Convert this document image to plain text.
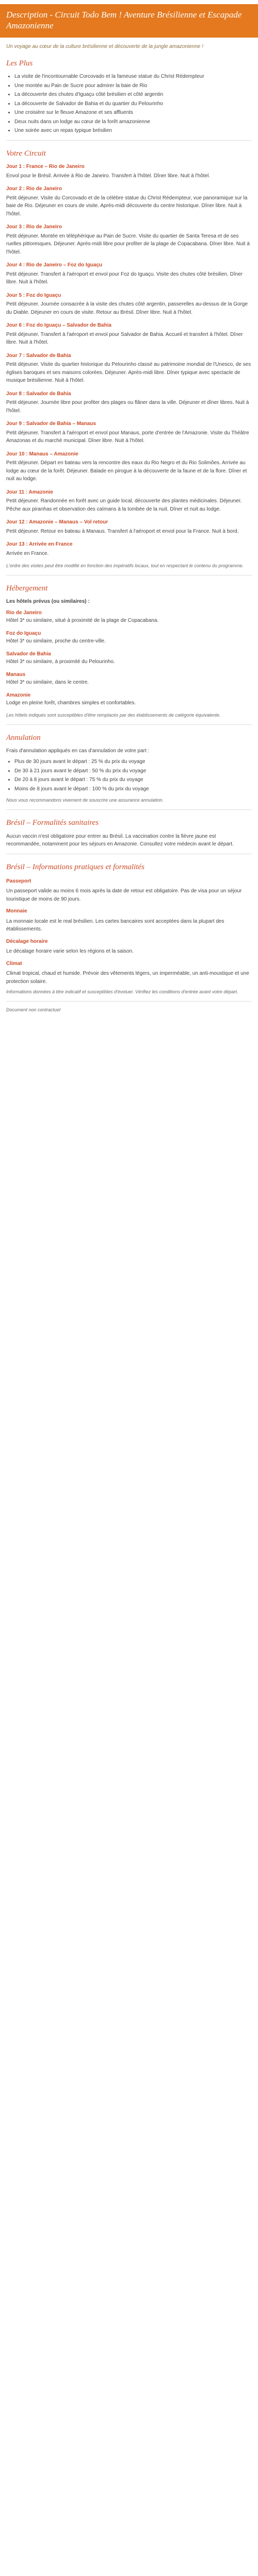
Description - Circuit Todo Bem ! Aventure Brésilienne et Escapade Amazonienne

Un voyage au cœur de la culture brésilienne et découverte de la jungle amazonienne !

Les Plus
• La visite de l'incontournable Corcovado et la fameuse statue du Christ Rédempteur
• Une montée au Pain de Sucre pour admirer la baie de Rio
• La découverte des chutes d'Iguaçu côté brésilien et côté argentin
• La découverte de Salvador de Bahia et du quartier du Pelourinho
• Une croisière sur le fleuve Amazone et ses affluents
• Deux nuits dans un lodge au cœur de la forêt amazonienne
• Une soirée avec un repas typique brésilien
Votre Circuit
Jour 1 : France – Rio de Janeiro

Envol pour le Brésil. Arrivée à Rio de Janeiro. Transfert à l'hôtel. Dîner libre. Nuit à l'hôtel.

Jour 2 : Rio de Janeiro

Petit déjeuner. Visite du Corcovado et de la célèbre statue du Christ Rédempteur, vue panoramique sur la baie de Rio. Déjeuner en cours de visite. Après-midi découverte du centre historique. Dîner libre. Nuit à l'hôtel.

Jour 3 : Rio de Janeiro

Petit déjeuner. Montée en téléphérique au Pain de Sucre. Visite du quartier de Santa Teresa et de ses ruelles pittoresques. Déjeuner. Après-midi libre pour profiter de la plage de Copacabana. Dîner libre. Nuit à l'hôtel.

Jour 4 : Rio de Janeiro – Foz do Iguaçu

Petit déjeuner. Transfert à l'aéroport et envol pour Foz do Iguaçu. Visite des chutes côté brésilien. Dîner libre. Nuit à l'hôtel.

Jour 5 : Foz do Iguaçu

Petit déjeuner. Journée consacrée à la visite des chutes côté argentin, passerelles au-dessus de la Gorge du Diable. Déjeuner en cours de visite. Retour au Brésil. Dîner libre. Nuit à l'hôtel.

Jour 6 : Foz do Iguaçu – Salvador de Bahia

Petit déjeuner. Transfert à l'aéroport et envol pour Salvador de Bahia. Accueil et transfert à l'hôtel. Dîner libre. Nuit à l'hôtel.

Jour 7 : Salvador de Bahia

Petit déjeuner. Visite du quartier historique du Pelourinho classé au patrimoine mondial de l'Unesco, de ses églises baroques et ses maisons colorées. Déjeuner. Après-midi libre. Dîner typique avec spectacle de musique brésilienne. Nuit à l'hôtel.

Jour 8 : Salvador de Bahia

Petit déjeuner. Journée libre pour profiter des plages ou flâner dans la ville. Déjeuner et dîner libres. Nuit à l'hôtel.

Jour 9 : Salvador de Bahia – Manaus

Petit déjeuner. Transfert à l'aéroport et envol pour Manaus, porte d'entrée de l'Amazonie. Visite du Théâtre Amazonas et du marché municipal. Dîner libre. Nuit à l'hôtel.

Jour 10 : Manaus – Amazonie

Petit déjeuner. Départ en bateau vers la rencontre des eaux du Rio Negro et du Rio Solimões. Arrivée au lodge au cœur de la forêt. Déjeuner. Balade en pirogue à la découverte de la faune et de la flore. Dîner et nuit au lodge.

Jour 11 : Amazonie

Petit déjeuner. Randonnée en forêt avec un guide local, découverte des plantes médicinales. Déjeuner. Pêche aux piranhas et observation des caïmans à la tombée de la nuit. Dîner et nuit au lodge.

Jour 12 : Amazonie – Manaus – Vol retour

Petit déjeuner. Retour en bateau à Manaus. Transfert à l'aéroport et envol pour la France. Nuit à bord.

Jour 13 : Arrivée en France

Arrivée en France.

L'ordre des visites peut être modifié en fonction des impératifs locaux, tout en respectant le contenu du programme.

Hébergement

Les hôtels prévus (ou similaires) :

Rio de Janeiro

Hôtel 3* ou similaire, situé à proximité de la plage de Copacabana.

Foz do Iguaçu

Hôtel 3* ou similaire, proche du centre-ville.

Salvador de Bahia

Hôtel 3* ou similaire, à proximité du Pelourinho.

Manaus

Hôtel 3* ou similaire, dans le centre.

Amazonie

Lodge en pleine forêt, chambres simples et confortables.

Les hôtels indiqués sont susceptibles d'être remplacés par des établissements de catégorie équivalente.

Annulation

Frais d'annulation appliqués en cas d'annulation de votre part :

• Plus de 30 jours avant le départ : 25 % du prix du voyage
• De 30 à 21 jours avant le départ : 50 % du prix du voyage
• De 20 à 8 jours avant le départ : 75 % du prix du voyage
• Moins de 8 jours avant le départ : 100 % du prix du voyage

Nous vous recommandons vivement de souscrire une assurance annulation.

Brésil – Formalités sanitaires

Aucun vaccin n'est obligatoire pour entrer au Brésil. La vaccination contre la fièvre jaune est recommandée, notamment pour les séjours en Amazonie. Consultez votre médecin avant le départ.

Brésil – Informations pratiques et formalités
Passeport

Un passeport valide au moins 6 mois après la date de retour est obligatoire. Pas de visa pour un séjour touristique de moins de 90 jours.

Monnaie

La monnaie locale est le real brésilien. Les cartes bancaires sont acceptées dans la plupart des établissements.

Décalage horaire

Le décalage horaire varie selon les régions et la saison.

Climat

Climat tropical, chaud et humide. Prévoir des vêtements légers, un imperméable, un anti-moustique et une protection solaire.

Informations données à titre indicatif et susceptibles d'évoluer. Vérifiez les conditions d'entrée avant votre départ.

Document non contractuel
